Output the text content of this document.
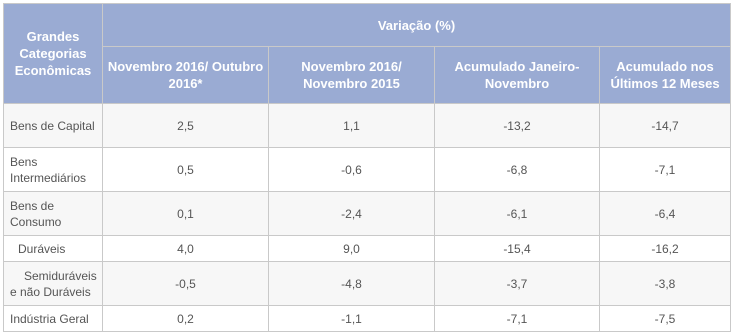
Grandes Categorias Econômicas	Variação (%)			
	Novembro 2016/ Outubro 2016*	Novembro 2016/ Novembro 2015	Acumulado Janeiro-Novembro	Acumulado nos Últimos 12 Meses
Bens de Capital	2,5	1,1	-13,2	-14,7
Bens Intermediários	0,5	-0,6	-6,8	-7,1
Bens de Consumo	0,1	-2,4	-6,1	-6,4
Duráveis	4,0	9,0	-15,4	-16,2
Semiduráveis e não Duráveis	-0,5	-4,8	-3,7	-3,8
Indústria Geral	0,2	-1,1	-7,1	-7,5
